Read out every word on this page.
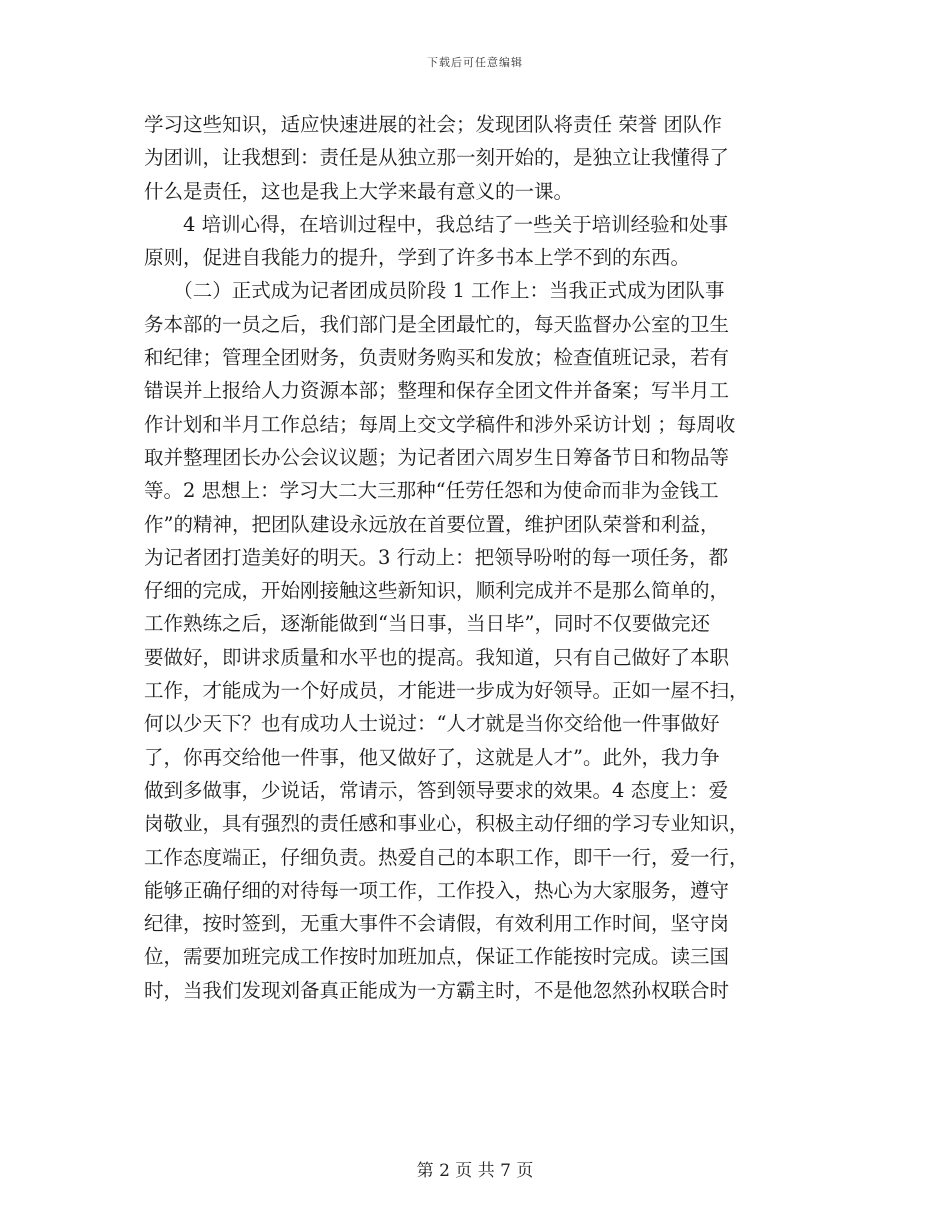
下载后可任意编辑
学习这些知识，适应快速进展的社会；发现团队将责任 荣誉 团队作
为团训，让我想到：责任是从独立那一刻开始的，是独立让我懂得了
什么是责任，这也是我上大学来最有意义的一课。
　　4 培训心得，在培训过程中，我总结了一些关于培训经验和处事
原则，促进自我能力的提升，学到了许多书本上学不到的东西。
　　（二）正式成为记者团成员阶段 1 工作上：当我正式成为团队事
务本部的一员之后，我们部门是全团最忙的，每天监督办公室的卫生
和纪律；管理全团财务，负责财务购买和发放；检查值班记录，若有
错误并上报给人力资源本部；整理和保存全团文件并备案；写半月工
作计划和半月工作总结；每周上交文学稿件和涉外采访计划 ；每周收
取并整理团长办公会议议题；为记者团六周岁生日筹备节日和物品等
等。2 思想上：学习大二大三那种“任劳任怨和为使命而非为金钱工
作”的精神，把团队建设永远放在首要位置，维护团队荣誉和利益，
为记者团打造美好的明天。3 行动上：把领导吩咐的每一项任务，都
仔细的完成，开始刚接触这些新知识，顺利完成并不是那么简单的，
工作熟练之后，逐渐能做到“当日事，当日毕”，同时不仅要做完还
要做好，即讲求质量和水平也的提高。我知道，只有自己做好了本职
工作，才能成为一个好成员，才能进一步成为好领导。正如一屋不扫，
何以少天下？也有成功人士说过：“人才就是当你交给他一件事做好
了，你再交给他一件事，他又做好了，这就是人才”。此外，我力争
做到多做事，少说话，常请示，答到领导要求的效果。4 态度上：爱
岗敬业，具有强烈的责任感和事业心，积极主动仔细的学习专业知识，
工作态度端正，仔细负责。热爱自己的本职工作，即干一行，爱一行，
能够正确仔细的对待每一项工作，工作投入，热心为大家服务，遵守
纪律，按时签到，无重大事件不会请假，有效利用工作时间，坚守岗
位，需要加班完成工作按时加班加点，保证工作能按时完成。读三国
时，当我们发现刘备真正能成为一方霸主时，不是他忽然孙权联合时
第 2 页 共 7 页
